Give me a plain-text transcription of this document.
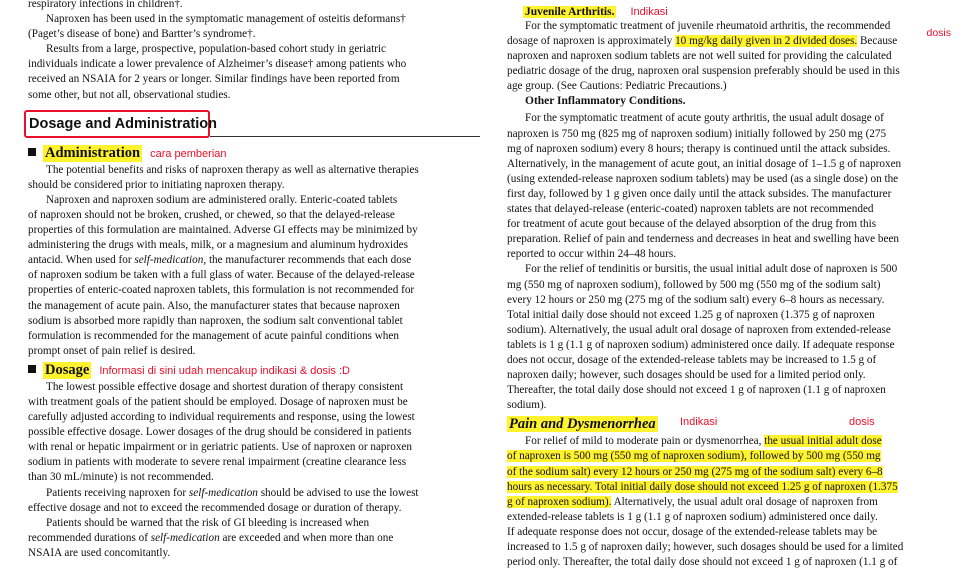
respiratory infections in children†.

Naproxen has been used in the symptomatic management of osteitis deformans†

(Paget’s disease of bone) and Bartter’s syndrome†.

Results from a large, prospective, population-based cohort study in geriatric

individuals indicate a lower prevalence of Alzheimer’s disease† among patients who

received an NSAIA for 2 years or longer. Similar findings have been reported from

some other, but not all, observational studies.

Dosage and Administration
Administration cara pemberian

The potential benefits and risks of naproxen therapy as well as alternative therapies

should be considered prior to initiating naproxen therapy.

Naproxen and naproxen sodium are administered orally. Enteric-coated tablets

of naproxen should not be broken, crushed, or chewed, so that the delayed-release

properties of this formulation are maintained. Adverse GI effects may be minimized by

administering the drugs with meals, milk, or a magnesium and aluminum hydroxides

antacid. When used for self-medication, the manufacturer recommends that each dose

of naproxen sodium be taken with a full glass of water. Because of the delayed-release

properties of enteric-coated naproxen tablets, this formulation is not recommended for

the management of acute pain. Also, the manufacturer states that because naproxen

sodium is absorbed more rapidly than naproxen, the sodium salt conventional tablet

formulation is recommended for the management of acute painful conditions when

prompt onset of pain relief is desired.

Dosage Informasi di sini udah mencakup indikasi & dosis :D

The lowest possible effective dosage and shortest duration of therapy consistent

with treatment goals of the patient should be employed. Dosage of naproxen must be

carefully adjusted according to individual requirements and response, using the lowest

possible effective dosage. Lower dosages of the drug should be considered in patients

with renal or hepatic impairment or in geriatric patients. Use of naproxen or naproxen

sodium in patients with moderate to severe renal impairment (creatine clearance less

than 30 mL/minute) is not recommended.

Patients receiving naproxen for self-medication should be advised to use the lowest

effective dosage and not to exceed the recommended dosage or duration of therapy.

Patients should be warned that the risk of GI bleeding is increased when

recommended durations of self-medication are exceeded and when more than one

NSAIA are used concomitantly.

Juvenile Arthritis. Indikasi
dosis

For the symptomatic treatment of juvenile rheumatoid arthritis, the recommended

dosage of naproxen is approximately 10 mg/kg daily given in 2 divided doses. Because

naproxen and naproxen sodium tablets are not well suited for providing the calculated

pediatric dosage of the drug, naproxen oral suspension preferably should be used in this

age group. (See Cautions: Pediatric Precautions.)

Other Inflammatory Conditions.

For the symptomatic treatment of acute gouty arthritis, the usual adult dosage of

naproxen is 750 mg (825 mg of naproxen sodium) initially followed by 250 mg (275

mg of naproxen sodium) every 8 hours; therapy is continued until the attack subsides.

Alternatively, in the management of acute gout, an initial dosage of 1–1.5 g of naproxen

(using extended-release naproxen sodium tablets) may be used (as a single dose) on the

first day, followed by 1 g given once daily until the attack subsides. The manufacturer

states that delayed-release (enteric-coated) naproxen tablets are not recommended

for treatment of acute gout because of the delayed absorption of the drug from this

preparation. Relief of pain and tenderness and decreases in heat and swelling have been

reported to occur within 24–48 hours.

For the relief of tendinitis or bursitis, the usual initial adult dose of naproxen is 500

mg (550 mg of naproxen sodium), followed by 500 mg (550 mg of the sodium salt)

every 12 hours or 250 mg (275 mg of the sodium salt) every 6–8 hours as necessary.

Total initial daily dose should not exceed 1.25 g of naproxen (1.375 g of naproxen

sodium). Alternatively, the usual adult oral dosage of naproxen from extended-release

tablets is 1 g (1.1 g of naproxen sodium) administered once daily. If adequate response

does not occur, dosage of the extended-release tablets may be increased to 1.5 g of

naproxen daily; however, such dosages should be used for a limited period only.

Thereafter, the total daily dose should not exceed 1 g of naproxen (1.1 g of naproxen

sodium).

Pain and Dysmenorrhea Indikasi	dosis

For relief of mild to moderate pain or dysmenorrhea, the usual initial adult dose

of naproxen is 500 mg (550 mg of naproxen sodium), followed by 500 mg (550 mg

of the sodium salt) every 12 hours or 250 mg (275 mg of the sodium salt) every 6–8

hours as necessary. Total initial daily dose should not exceed 1.25 g of naproxen (1.375

g of naproxen sodium). Alternatively, the usual adult oral dosage of naproxen from

extended-release tablets is 1 g (1.1 g of naproxen sodium) administered once daily.

If adequate response does not occur, dosage of the extended-release tablets may be

increased to 1.5 g of naproxen daily; however, such dosages should be used for a limited

period only. Thereafter, the total daily dose should not exceed 1 g of naproxen (1.1 g of
